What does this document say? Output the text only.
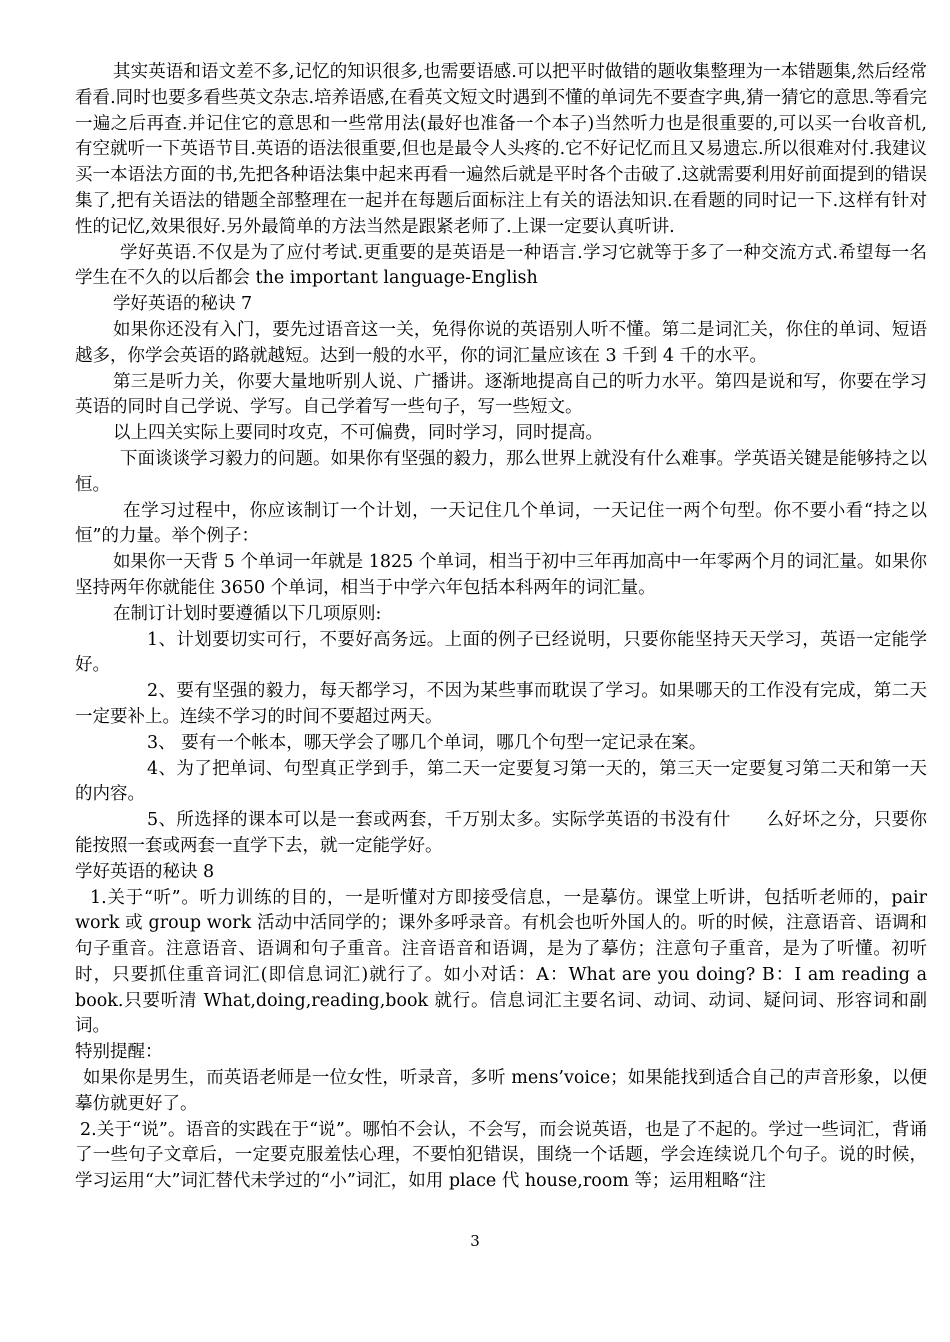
其实英语和语文差不多,记忆的知识很多,也需要语感.可以把平时做错的题收集整理为一本错题集,然后经常看看.同时也要多看些英文杂志.培养语感,在看英文短文时遇到不懂的单词先不要查字典,猜一猜它的意思.等看完一遍之后再查.并记住它的意思和一些常用法(最好也准备一个本子)当然听力也是很重要的,可以买一台收音机,有空就听一下英语节目.英语的语法很重要,但也是最令人头疼的.它不好记忆而且又易遗忘.所以很难对付.我建议买一本语法方面的书,先把各种语法集中起来再看一遍然后就是平时各个击破了.这就需要利用好前面提到的错误集了,把有关语法的错题全部整理在一起并在每题后面标注上有关的语法知识.在看题的同时记一下.这样有针对性的记忆,效果很好.另外最简单的方法当然是跟紧老师了.上课一定要认真听讲.

学好英语.不仅是为了应付考试.更重要的是英语是一种语言.学习它就等于多了一种交流方式.希望每一名学生在不久的以后都会 the important language-English

学好英语的秘诀 7

如果你还没有入门，要先过语音这一关，免得你说的英语别人听不懂。第二是词汇关，你住的单词、短语越多，你学会英语的路就越短。达到一般的水平，你的词汇量应该在 3 千到 4 千的水平。

第三是听力关，你要大量地听别人说、广播讲。逐渐地提高自己的听力水平。第四是说和写，你要在学习英语的同时自己学说、学写。自己学着写一些句子，写一些短文。

以上四关实际上要同时攻克，不可偏费，同时学习，同时提高。

下面谈谈学习毅力的问题。如果你有坚强的毅力，那么世界上就没有什么难事。学英语关键是能够持之以恒。

在学习过程中，你应该制订一个计划，一天记住几个单词，一天记住一两个句型。你不要小看“持之以恒”的力量。举个例子：

如果你一天背 5 个单词一年就是 1825 个单词，相当于初中三年再加高中一年零两个月的词汇量。如果你坚持两年你就能住 3650 个单词，相当于中学六年包括本科两年的词汇量。

在制订计划时要遵循以下几项原则:

1、计划要切实可行，不要好高务远。上面的例子已经说明，只要你能坚持天天学习，英语一定能学好。

2、要有坚强的毅力，每天都学习，不因为某些事而耽误了学习。如果哪天的工作没有完成，第二天一定要补上。连续不学习的时间不要超过两天。

3、 要有一个帐本，哪天学会了哪几个单词，哪几个句型一定记录在案。

4、为了把单词、句型真正学到手，第二天一定要复习第一天的，第三天一定要复习第二天和第一天的内容。

5、所选择的课本可以是一套或两套，千万别太多。实际学英语的书没有什　　么好坏之分，只要你能按照一套或两套一直学下去，就一定能学好。

学好英语的秘诀 8

1.关于“听”。听力训练的目的，一是听懂对方即接受信息，一是摹仿。课堂上听讲，包括听老师的，pair work 或 group work 活动中活同学的；课外多呼录音。有机会也听外国人的。听的时候，注意语音、语调和句子重音。注意语音、语调和句子重音。注音语音和语调，是为了摹仿；注意句子重音，是为了听懂。初听时，只要抓住重音词汇(即信息词汇)就行了。如小对话：A：What are you doing? B：I am reading a book.只要听清 What,doing,reading,book 就行。信息词汇主要名词、动词、动词、疑问词、形容词和副词。

特别提醒：

如果你是男生，而英语老师是一位女性，听录音，多听 mens’voice；如果能找到适合自己的声音形象，以便摹仿就更好了。

2.关于“说”。语音的实践在于“说”。哪怕不会认，不会写，而会说英语，也是了不起的。学过一些词汇，背诵了一些句子文章后，一定要克服羞怯心理，不要怕犯错误，围绕一个话题，学会连续说几个句子。说的时候，学习运用“大”词汇替代未学过的“小”词汇，如用 place 代 house,room 等；运用粗略“注

3
